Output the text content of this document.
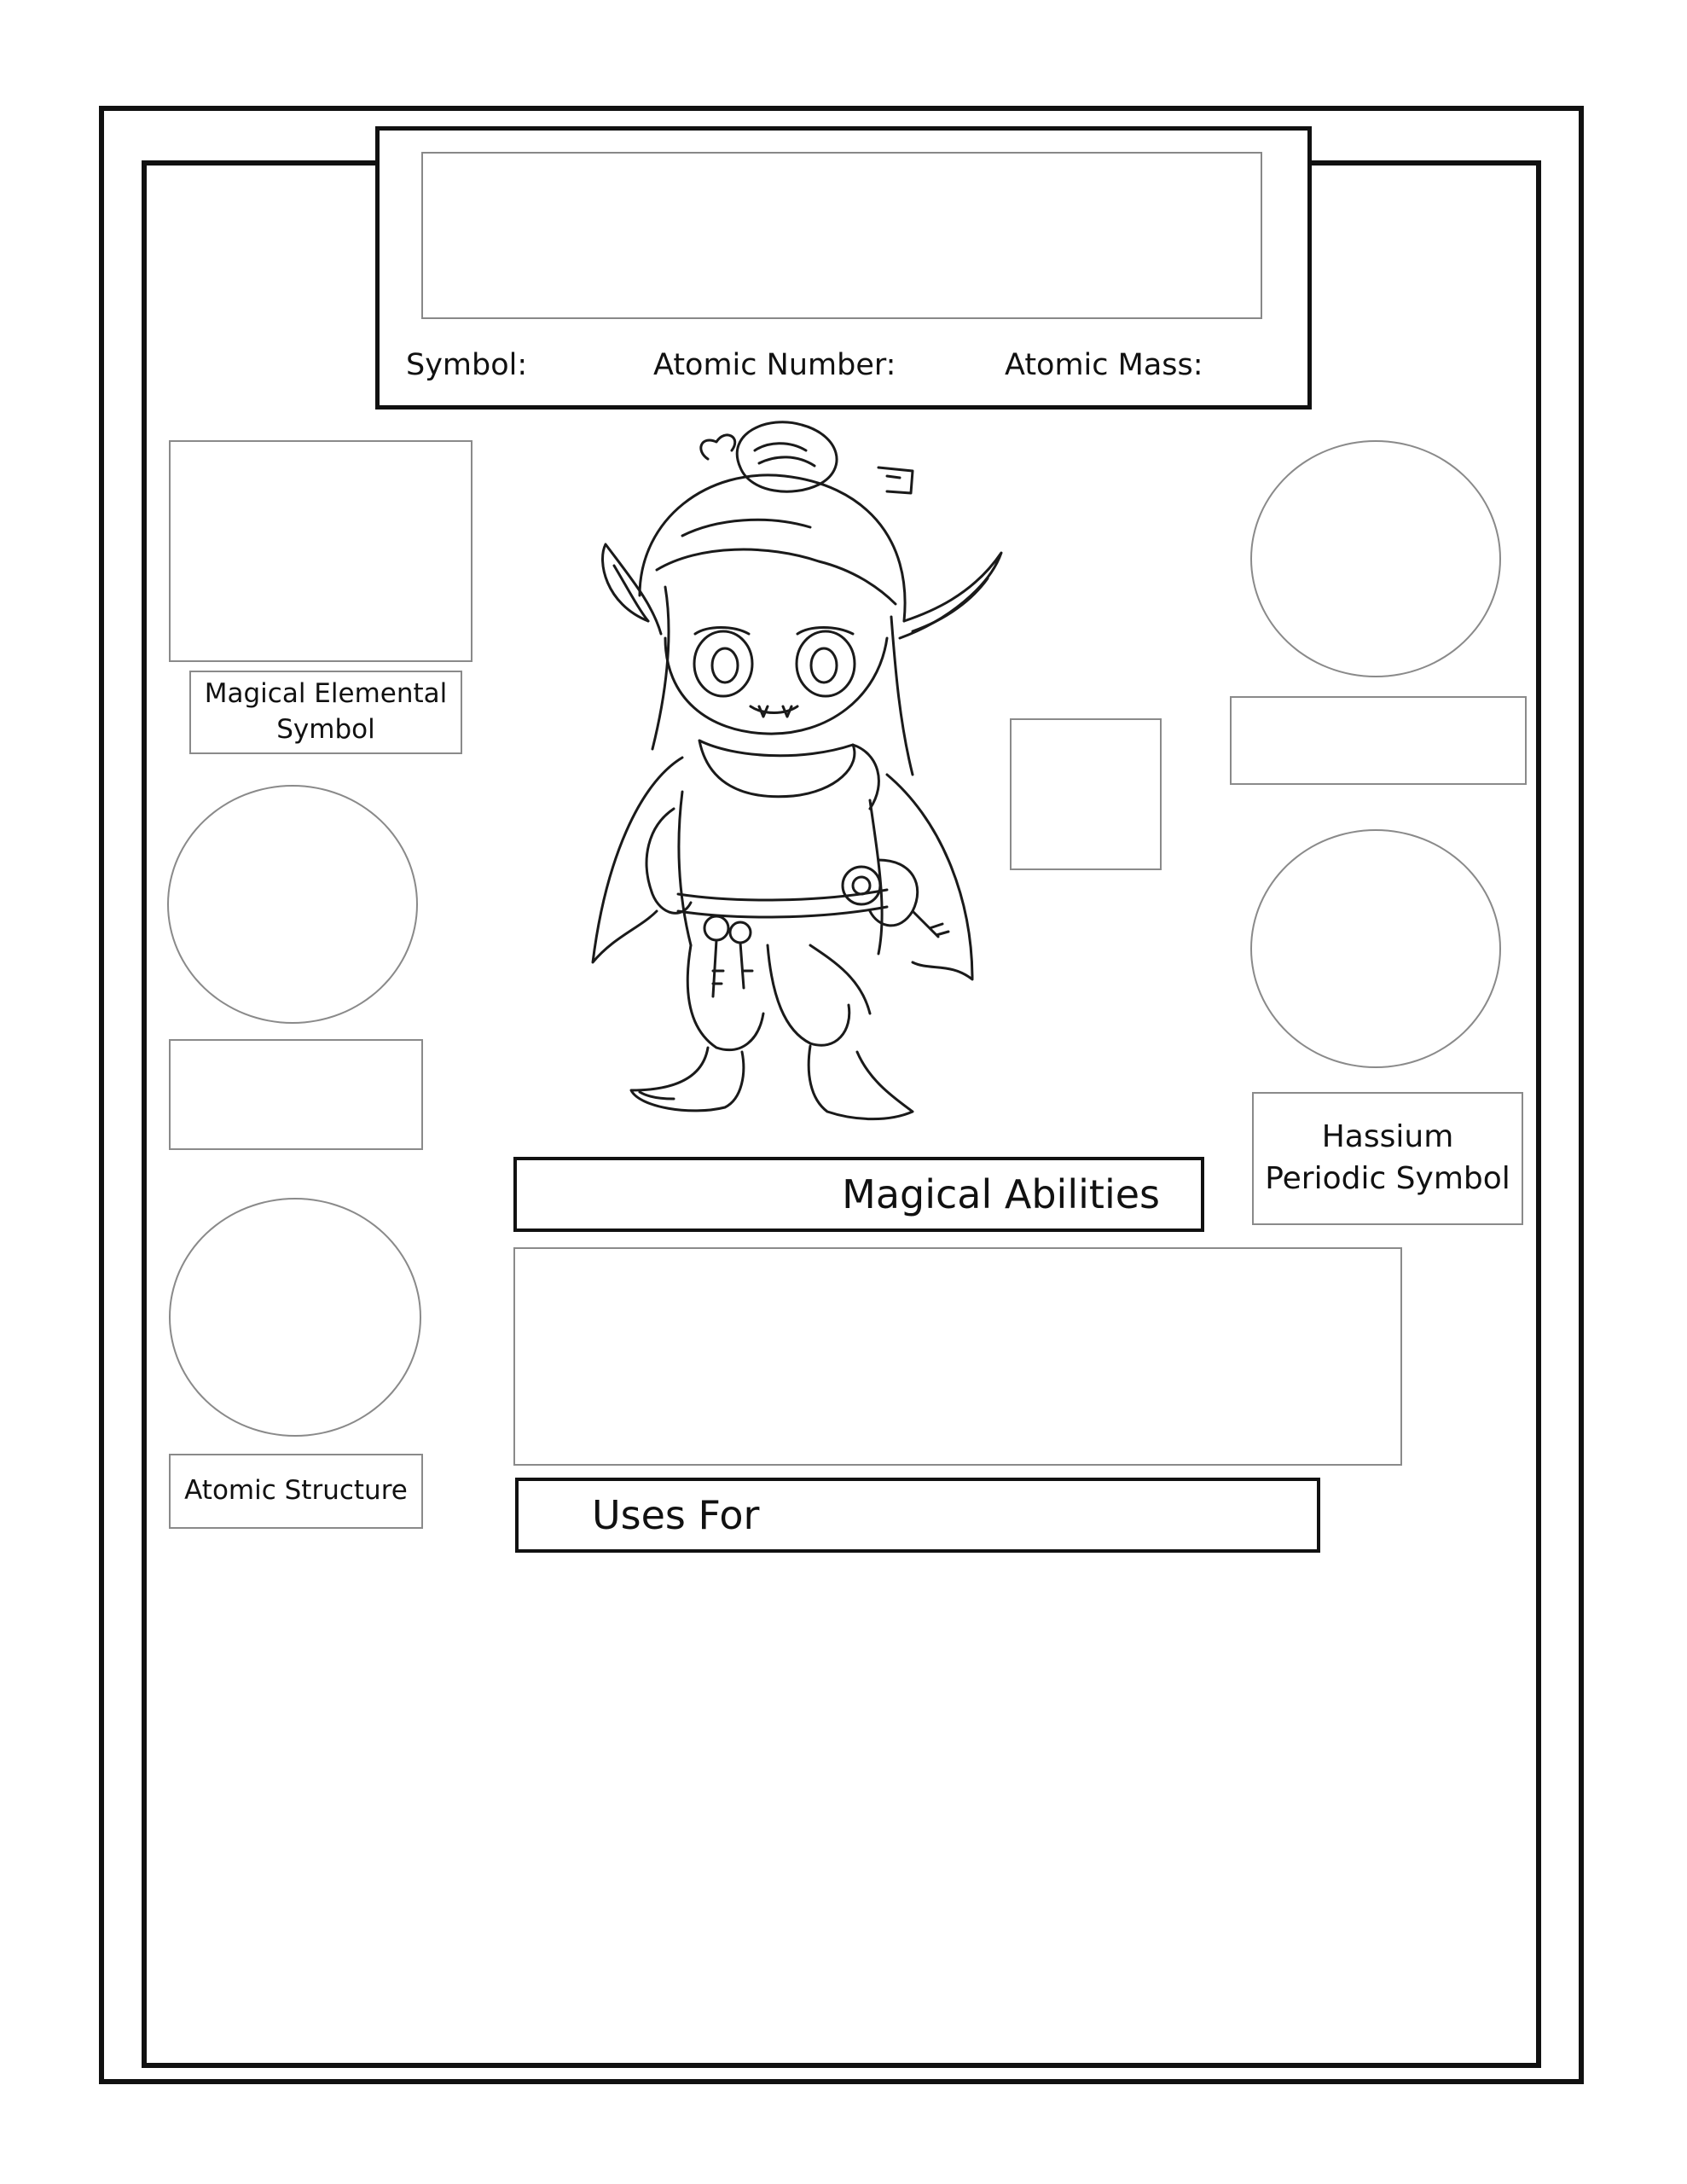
Symbol:	Atomic Number:	Atomic Mass:
Magical Elemental Symbol
Atomic Structure
Hassium Periodic Symbol
Magical Abilities
Uses For
